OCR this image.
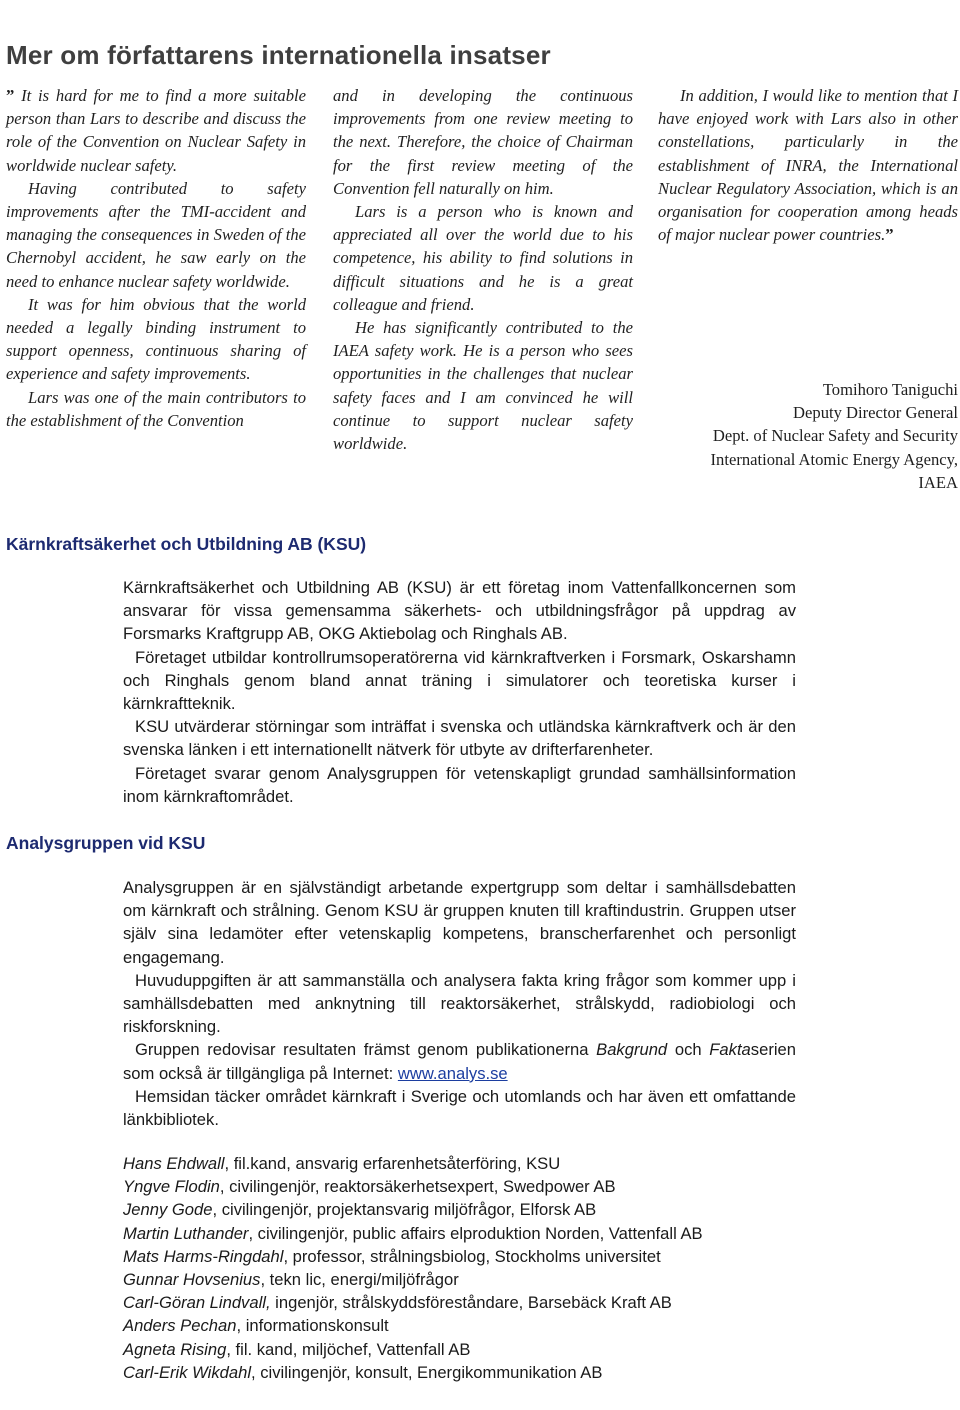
Mer om författarens internationella insatser

” It is hard for me to find a more suitable person than Lars to describe and discuss the role of the Convention on Nuclear Safety in worldwide nuclear safety.

Having contributed to safety improvements after the TMI-accident and managing the consequences in Sweden of the Chernobyl accident, he saw early on the need to enhance nuclear safety worldwide.

It was for him obvious that the world needed a legally binding instrument to support openness, continuous sharing of experience and safety improvements.

Lars was one of the main contributors to the establishment of the Convention

and in developing the continuous improvements from one review meeting to the next. Therefore, the choice of Chairman for the first review meeting of the Convention fell naturally on him.

Lars is a person who is known and appreciated all over the world due to his competence, his ability to find solutions in difficult situations and he is a great colleague and friend.

He has significantly contributed to the IAEA safety work. He is a person who sees opportunities in the challenges that nuclear safety faces and I am convinced he will continue to support nuclear safety worldwide.

In addition, I would like to mention that I have enjoyed work with Lars also in other constellations, particularly in the establishment of INRA, the International Nuclear Regulatory Association, which is an organisation for cooperation among heads of major nuclear power countries.”

Tomihoro Taniguchi
Deputy Director General
Dept. of Nuclear Safety and Security
International Atomic Energy Agency,
IAEA
Kärnkraftsäkerhet och Utbildning AB (KSU)

Kärnkraftsäkerhet och Utbildning AB (KSU) är ett företag inom Vattenfallkoncernen som ansvarar för vissa gemensamma säkerhets- och utbildningsfrågor på uppdrag av Forsmarks Kraftgrupp AB, OKG Aktiebolag och Ringhals AB.

Företaget utbildar kontrollrumsoperatörerna vid kärnkraftverken i Forsmark, Oskarshamn och Ringhals genom bland annat träning i simulatorer och teoretiska kurser i kärnkraftteknik.

KSU utvärderar störningar som inträffat i svenska och utländska kärnkraftverk och är den svenska länken i ett internationellt nätverk för utbyte av drifterfarenheter.

Företaget svarar genom Analysgruppen för vetenskapligt grundad samhällsinformation inom kärnkraftområdet.

Analysgruppen vid KSU

Analysgruppen är en självständigt arbetande expertgrupp som deltar i samhällsdebatten om kärnkraft och strålning. Genom KSU är gruppen knuten till kraftindustrin. Gruppen utser själv sina ledamöter efter vetenskaplig kompetens, branscherfarenhet och personligt engagemang.

Huvuduppgiften är att sammanställa och analysera fakta kring frågor som kommer upp i samhällsdebatten med anknytning till reaktorsäkerhet, strålskydd, radiobiologi och riskforskning.

Gruppen redovisar resultaten främst genom publikationerna Bakgrund och Faktaserien som också är tillgängliga på Internet: www.analys.se

Hemsidan täcker området kärnkraft i Sverige och utomlands och har även ett omfattande länkbibliotek.

Hans Ehdwall, fil.kand, ansvarig erfarenhetsåterföring, KSU
Yngve Flodin, civilingenjör, reaktorsäkerhetsexpert, Swedpower AB
Jenny Gode, civilingenjör, projektansvarig miljöfrågor, Elforsk AB
Martin Luthander, civilingenjör, public affairs elproduktion Norden, Vattenfall AB
Mats Harms-Ringdahl, professor, strålningsbiolog, Stockholms universitet
Gunnar Hovsenius, tekn lic, energi/miljöfrågor
Carl-Göran Lindvall, ingenjör, strålskyddsföreståndare, Barsebäck Kraft AB
Anders Pechan, informationskonsult
Agneta Rising, fil. kand, miljöchef, Vattenfall AB
Carl-Erik Wikdahl, civilingenjör, konsult, Energikommunikation AB
